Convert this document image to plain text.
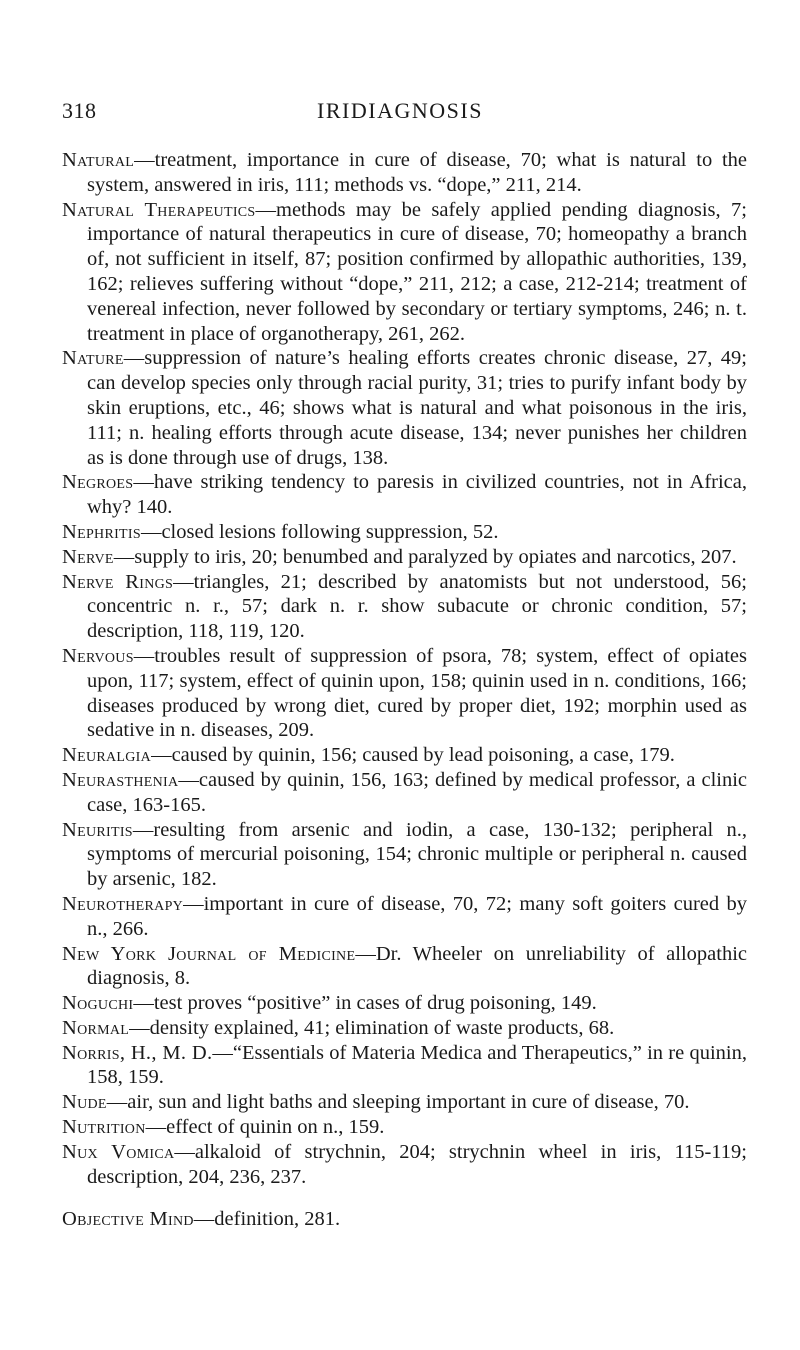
318	IRIDIAGNOSIS

Natural—treatment, importance in cure of disease, 70; what is natural to the system, answered in iris, 111; methods vs. “dope,” 211, 214.

Natural Therapeutics—methods may be safely applied pending diagnosis, 7; importance of natural therapeutics in cure of disease, 70; homeopathy a branch of, not sufficient in itself, 87; position confirmed by allopathic authorities, 139, 162; relieves suffering without “dope,” 211, 212; a case, 212-214; treatment of venereal infection, never followed by secondary or tertiary symptoms, 246; n. t. treatment in place of organotherapy, 261, 262.

Nature—suppression of nature’s healing efforts creates chronic disease, 27, 49; can develop species only through racial purity, 31; tries to purify infant body by skin eruptions, etc., 46; shows what is natural and what poisonous in the iris, 111; n. healing efforts through acute disease, 134; never punishes her children as is done through use of drugs, 138.

Negroes—have striking tendency to paresis in civilized countries, not in Africa, why? 140.

Nephritis—closed lesions following suppression, 52.

Nerve—supply to iris, 20; benumbed and paralyzed by opiates and narcotics, 207.

Nerve Rings—triangles, 21; described by anatomists but not understood, 56; concentric n. r., 57; dark n. r. show subacute or chronic condition, 57; description, 118, 119, 120.

Nervous—troubles result of suppression of psora, 78; system, effect of opiates upon, 117; system, effect of quinin upon, 158; quinin used in n. conditions, 166; diseases produced by wrong diet, cured by proper diet, 192; morphin used as sedative in n. diseases, 209.

Neuralgia—caused by quinin, 156; caused by lead poisoning, a case, 179.

Neurasthenia—caused by quinin, 156, 163; defined by medical professor, a clinic case, 163-165.

Neuritis—resulting from arsenic and iodin, a case, 130-132; peripheral n., symptoms of mercurial poisoning, 154; chronic multiple or peripheral n. caused by arsenic, 182.

Neurotherapy—important in cure of disease, 70, 72; many soft goiters cured by n., 266.

New York Journal of Medicine—Dr. Wheeler on unreliability of allopathic diagnosis, 8.

Noguchi—test proves “positive” in cases of drug poisoning, 149.

Normal—density explained, 41; elimination of waste products, 68.

Norris, H., M. D.—“Essentials of Materia Medica and Therapeutics,” in re quinin, 158, 159.

Nude—air, sun and light baths and sleeping important in cure of disease, 70.

Nutrition—effect of quinin on n., 159.

Nux Vomica—alkaloid of strychnin, 204; strychnin wheel in iris, 115-119; description, 204, 236, 237.

Objective Mind—definition, 281.
